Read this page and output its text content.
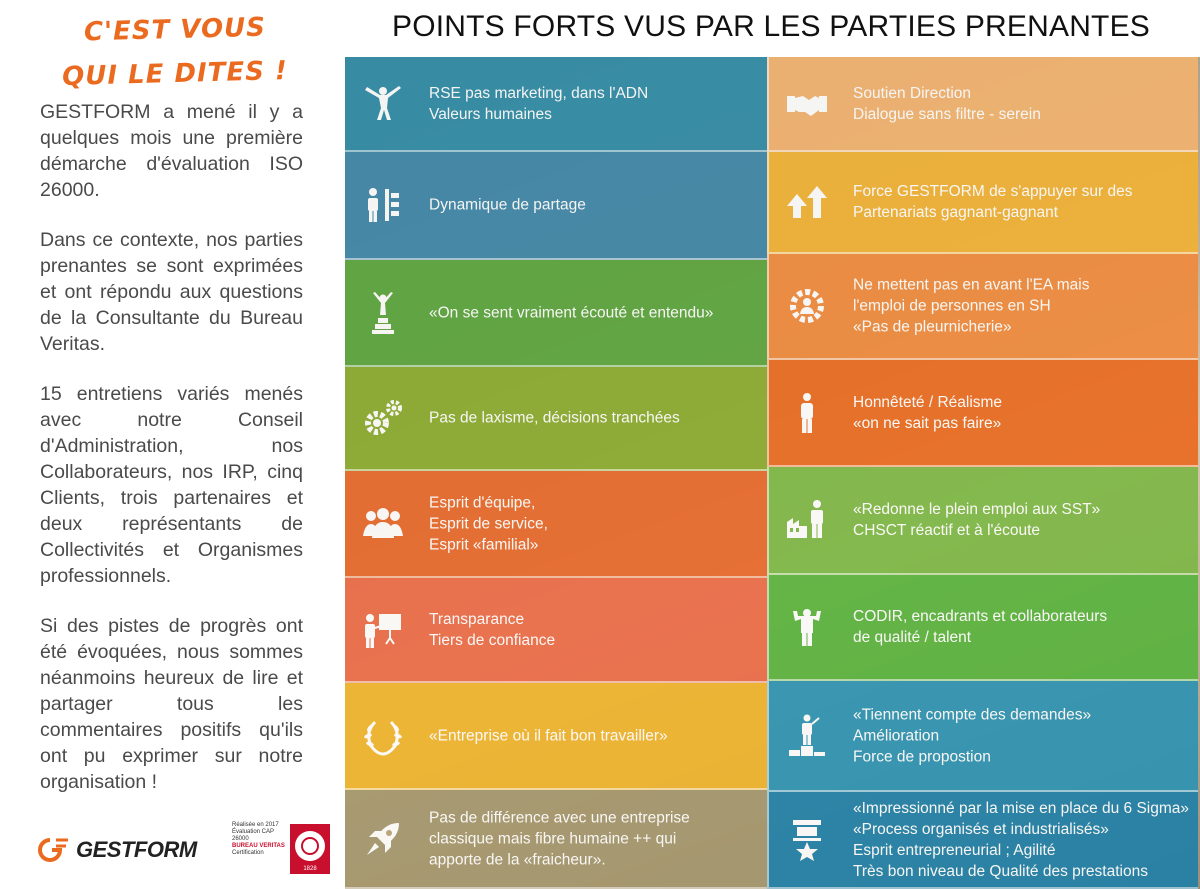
C'EST VOUS
QUI LE DITES !

GESTFORM a mené il y a quelques mois une première démarche d'évaluation ISO 26000.

Dans ce contexte, nos parties prenantes se sont exprimées et ont répondu aux questions de la Consultante du Bureau Veritas.

15 entretiens variés menés avec notre Conseil d'Administration, nos Collaborateurs, nos IRP, cinq Clients, trois partenaires et deux représentants de Collectivités et Organismes professionnels.

Si des pistes de progrès ont été évoquées, nous sommes néanmoins heureux de lire et partager tous les commentaires positifs qu'ils ont pu exprimer sur notre organisation !

GESTFORM
Réalisée en 2017
Évaluation CAP 26000
BUREAU VERITAS
Certification
1828
POINTS FORTS VUS PAR LES PARTIES PRENANTES
RSE pas marketing, dans l'ADN
Valeurs humaines
Dynamique de partage
«On se sent vraiment écouté et entendu»
Pas de laxisme, décisions tranchées
Esprit d'équipe,
Esprit de service,
Esprit «familial»
Transparance
Tiers de confiance
«Entreprise où il fait bon travailler»
Pas de différence avec une entreprise
classique mais fibre humaine ++ qui
apporte de la «fraicheur».
Soutien Direction
Dialogue sans filtre - serein
Force GESTFORM de s'appuyer sur des
Partenariats gagnant-gagnant
Ne mettent pas en avant l'EA mais
l'emploi de personnes en SH
«Pas de pleurnicherie»
Honnêteté / Réalisme
«on ne sait pas faire»
«Redonne le plein emploi aux SST»
CHSCT réactif et à l'écoute
CODIR, encadrants et collaborateurs
de qualité / talent
«Tiennent compte des demandes»
Amélioration
Force de propostion
«Impressionné par la mise en place du 6 Sigma»
«Process organisés et industrialisés»
Esprit entrepreneurial ; Agilité
Très bon niveau de Qualité des prestations
